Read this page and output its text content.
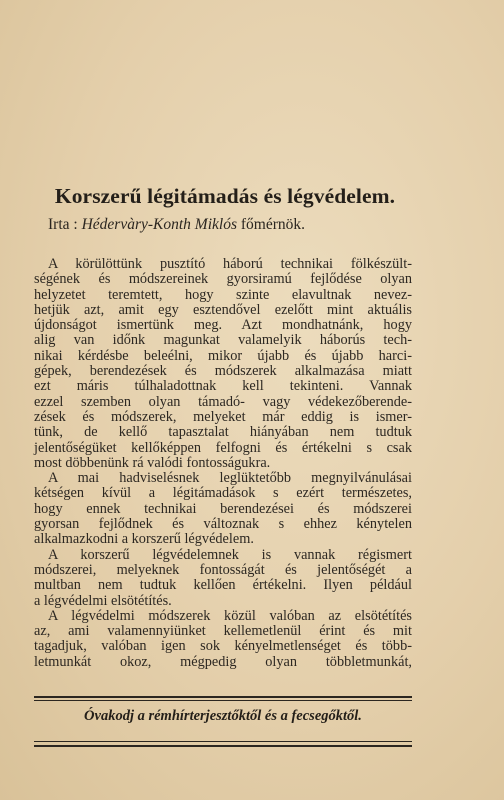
Korszerű légitámadás és légvédelem.
Irta : Hédervàry-Konth Miklós főmérnök.
A körülöttünk pusztító háború technikai fölkészült-
ségének és módszereinek gyorsiramú fejlődése olyan
helyzetet teremtett, hogy szinte elavultnak nevez-
hetjük azt, amit egy esztendővel ezelőtt mint aktuális
újdonságot ismertünk meg. Azt mondhatnánk, hogy
alig van időnk magunkat valamelyik háborús tech-
nikai kérdésbe beleélni, mikor újabb és újabb harci-
gépek, berendezések és módszerek alkalmazása miatt
ezt máris túlhaladottnak kell tekinteni. Vannak
ezzel szemben olyan támadó- vagy védekezőberende-
zések és módszerek, melyeket már eddig is ismer-
tünk, de kellő tapasztalat hiányában nem tudtuk
jelentőségüket kellőképpen felfogni és értékelni s csak
most döbbenünk rá valódi fontosságukra.
A mai hadviselésnek leglüktetőbb megnyilvánulásai
kétségen kívül a légitámadások s ezért természetes,
hogy ennek technikai berendezései és módszerei
gyorsan fejlődnek és változnak s ehhez kénytelen
alkalmazkodni a korszerű légvédelem.
A korszerű légvédelemnek is vannak régismert
módszerei, melyeknek fontosságát és jelentőségét a
multban nem tudtuk kellően értékelni. Ilyen például
a légvédelmi elsötétítés.
A légvédelmi módszerek közül valóban az elsötétítés
az, ami valamennyiünket kellemetlenül érint és mit
tagadjuk, valóban igen sok kényelmetlenséget és több-
letmunkát okoz, mégpedig olyan többletmunkát,
Óvakodj a rémhírterjesztőktől és a fecsegőktől.
